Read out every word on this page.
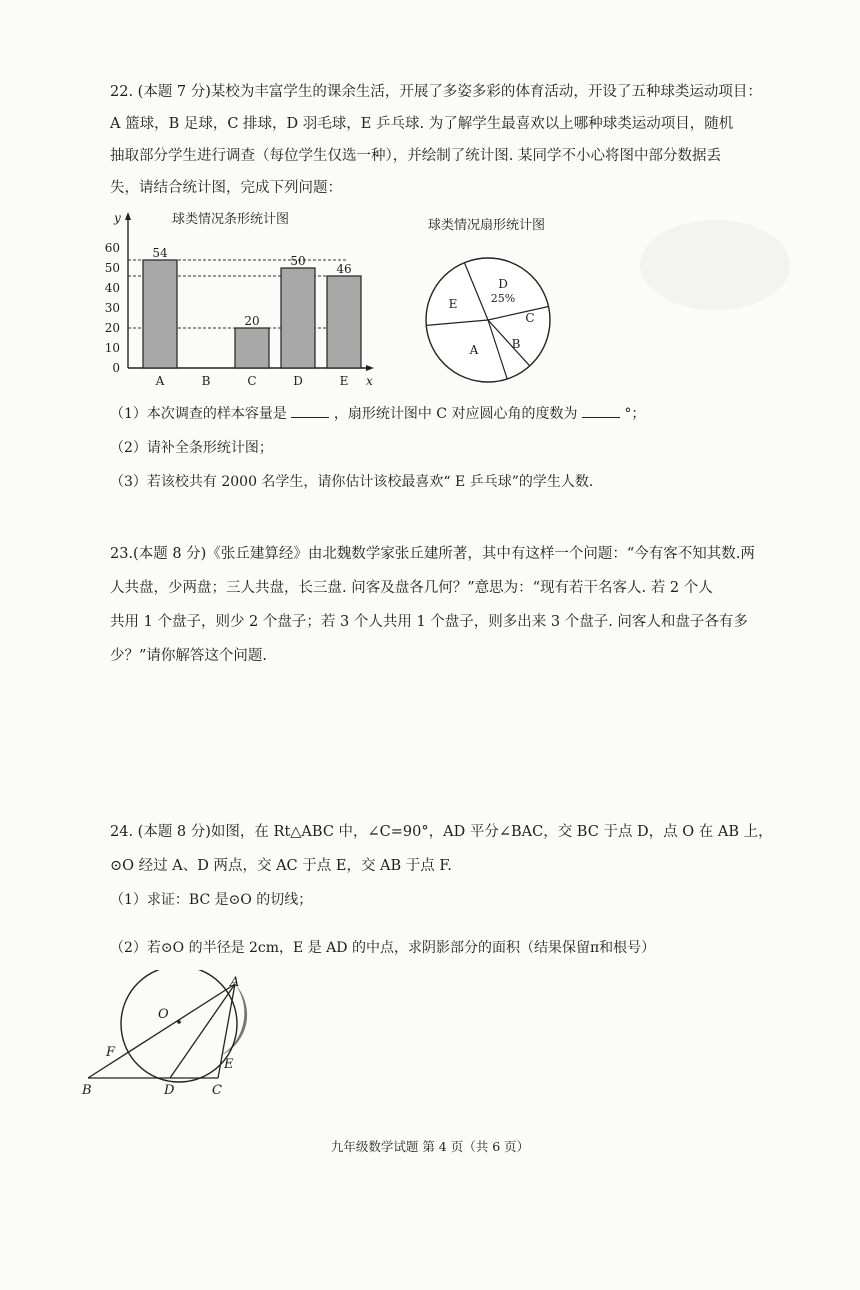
22. (本题 7 分)某校为丰富学生的课余生活，开展了多姿多彩的体育活动，开设了五种球类运动项目：
A 篮球，B 足球，C 排球，D 羽毛球，E 乒乓球. 为了解学生最喜欢以上哪种球类运动项目，随机
抽取部分学生进行调查（每位学生仅选一种），并绘制了统计图. 某同学不小心将图中部分数据丢
失，请结合统计图，完成下列问题：
球类情况条形统计图	球类情况扇形统计图
y
x
0
10
20
30
40
50
60
A	B	C	D	E
54
20
50
46
D
25%
C
B
A
E
（1）本次调查的样本容量是	，扇形统计图中 C 对应圆心角的度数为	°；
（2）请补全条形统计图；
（3）若该校共有 2000 名学生，请你估计该校最喜欢“ E 乒乓球”的学生人数.
23.(本题 8 分)《张丘建算经》由北魏数学家张丘建所著，其中有这样一个问题：“今有客不知其数.两
人共盘，少两盘；三人共盘，长三盘. 问客及盘各几何？”意思为：“现有若干名客人. 若 2 个人
共用 1 个盘子，则少 2 个盘子；若 3 个人共用 1 个盘子，则多出来 3 个盘子. 问客人和盘子各有多
少？”请你解答这个问题.
24. (本题 8 分)如图，在 Rt△ABC 中，∠C=90°，AD 平分∠BAC，交 BC 于点 D，点 O 在 AB 上，
⊙O 经过 A、D 两点，交 AC 于点 E，交 AB 于点 F.
（1）求证：BC 是⊙O 的切线；
（2）若⊙O 的半径是 2cm，E 是 AD 的中点，求阴影部分的面积（结果保留π和根号）
O
A
F
E
B	D	C
九年级数学试题 第 4 页（共 6 页）
